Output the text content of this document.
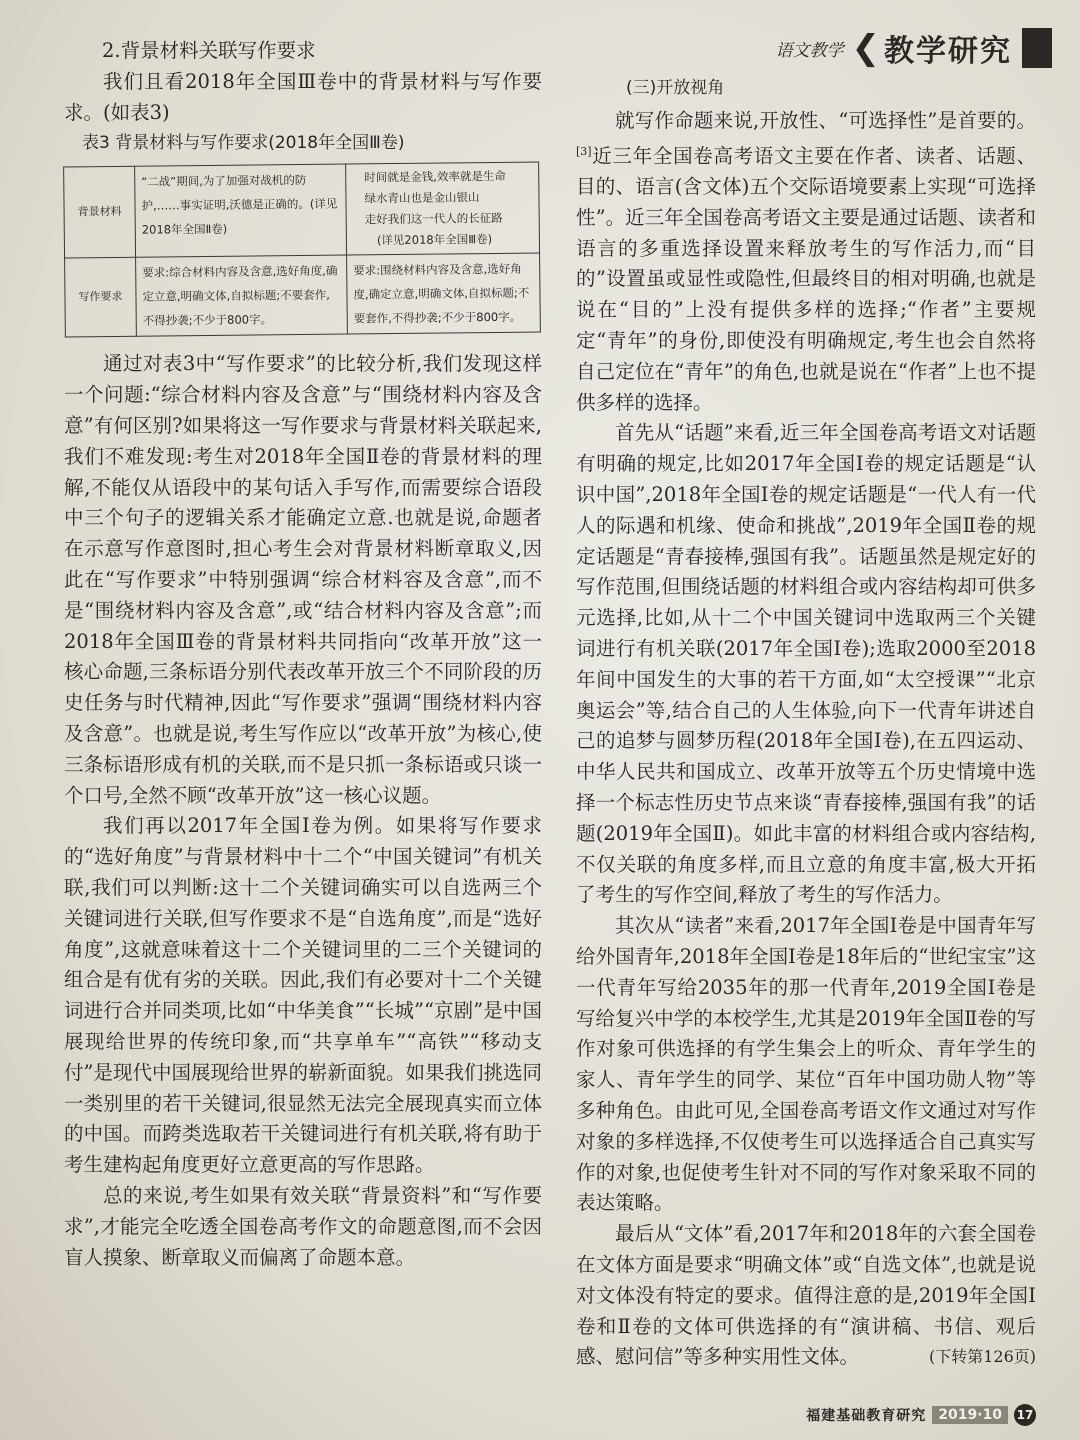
语文教学 ❮ 教学研究
2.背景材料关联写作要求

我们且看2018年全国Ⅲ卷中的背景材料与写作要求。(如表3)

表3 背景材料与写作要求(2018年全国Ⅲ卷)
背景材料	“二战”期间,为了加强对战机的防护,……事实证明,沃德是正确的。(详见2018年全国Ⅱ卷)	时间就是金钱,效率就是生命
绿水青山也是金山银山
走好我们这一代人的长征路
(详见2018年全国Ⅲ卷)

写作要求	要求:综合材料内容及含意,选好角度,确定立意,明确文体,自拟标题;不要套作,不得抄袭;不少于800字。	要求:围绕材料内容及含意,选好角度,确定立意,明确文体,自拟标题;不要套作,不得抄袭;不少于800字。

通过对表3中“写作要求”的比较分析,我们发现这样一个问题:“综合材料内容及含意”与“围绕材料内容及含意”有何区别?如果将这一写作要求与背景材料关联起来,我们不难发现:考生对2018年全国Ⅱ卷的背景材料的理解,不能仅从语段中的某句话入手写作,而需要综合语段中三个句子的逻辑关系才能确定立意.也就是说,命题者在示意写作意图时,担心考生会对背景材料断章取义,因此在“写作要求”中特别强调“综合材料容及含意”,而不是“围绕材料内容及含意”,或“结合材料内容及含意”;而2018年全国Ⅲ卷的背景材料共同指向“改革开放”这一核心命题,三条标语分别代表改革开放三个不同阶段的历史任务与时代精神,因此“写作要求”强调“围绕材料内容及含意”。也就是说,考生写作应以“改革开放”为核心,使三条标语形成有机的关联,而不是只抓一条标语或只谈一个口号,全然不顾“改革开放”这一核心议题。

我们再以2017年全国Ⅰ卷为例。如果将写作要求的“选好角度”与背景材料中十二个“中国关键词”有机关联,我们可以判断:这十二个关键词确实可以自选两三个关键词进行关联,但写作要求不是“自选角度”,而是“选好角度”,这就意味着这十二个关键词里的二三个关键词的组合是有优有劣的关联。因此,我们有必要对十二个关键词进行合并同类项,比如“中华美食”“长城”“京剧”是中国展现给世界的传统印象,而“共享单车”“高铁”“移动支付”是现代中国展现给世界的崭新面貌。如果我们挑选同一类别里的若干关键词,很显然无法完全展现真实而立体的中国。而跨类选取若干关键词进行有机关联,将有助于考生建构起角度更好立意更高的写作思路。

总的来说,考生如果有效关联“背景资料”和“写作要求”,才能完全吃透全国卷高考作文的命题意图,而不会因盲人摸象、断章取义而偏离了命题本意。

(三)开放视角

就写作命题来说,开放性、“可选择性”是首要的。[3]近三年全国卷高考语文主要在作者、读者、话题、目的、语言(含文体)五个交际语境要素上实现“可选择性”。近三年全国卷高考语文主要是通过话题、读者和语言的多重选择设置来释放考生的写作活力,而“目的”设置虽或显性或隐性,但最终目的相对明确,也就是说在“目的”上没有提供多样的选择;“作者”主要规定“青年”的身份,即使没有明确规定,考生也会自然将自己定位在“青年”的角色,也就是说在“作者”上也不提供多样的选择。

首先从“话题”来看,近三年全国卷高考语文对话题有明确的规定,比如2017年全国Ⅰ卷的规定话题是“认识中国”,2018年全国Ⅰ卷的规定话题是“一代人有一代人的际遇和机缘、使命和挑战”,2019年全国Ⅱ卷的规定话题是“青春接棒,强国有我”。话题虽然是规定好的写作范围,但围绕话题的材料组合或内容结构却可供多元选择,比如,从十二个中国关键词中选取两三个关键词进行有机关联(2017年全国Ⅰ卷);选取2000至2018年间中国发生的大事的若干方面,如“太空授课”“北京奥运会”等,结合自己的人生体验,向下一代青年讲述自己的追梦与圆梦历程(2018年全国Ⅰ卷),在五四运动、中华人民共和国成立、改革开放等五个历史情境中选择一个标志性历史节点来谈“青春接棒,强国有我”的话题(2019年全国Ⅱ)。如此丰富的材料组合或内容结构,不仅关联的角度多样,而且立意的角度丰富,极大开拓了考生的写作空间,释放了考生的写作活力。

其次从“读者”来看,2017年全国Ⅰ卷是中国青年写给外国青年,2018年全国Ⅰ卷是18年后的“世纪宝宝”这一代青年写给2035年的那一代青年,2019全国Ⅰ卷是写给复兴中学的本校学生,尤其是2019年全国Ⅱ卷的写作对象可供选择的有学生集会上的听众、青年学生的家人、青年学生的同学、某位“百年中国功勋人物”等多种角色。由此可见,全国卷高考语文作文通过对写作对象的多样选择,不仅使考生可以选择适合自己真实写作的对象,也促使考生针对不同的写作对象采取不同的表达策略。

最后从“文体”看,2017年和2018年的六套全国卷在文体方面是要求“明确文体”或“自选文体”,也就是说对文体没有特定的要求。值得注意的是,2019年全国Ⅰ卷和Ⅱ卷的文体可供选择的有“演讲稿、书信、观后感、慰问信”等多种实用性文体。	(下转第126页)

福建基础教育研究 2019·10	17
